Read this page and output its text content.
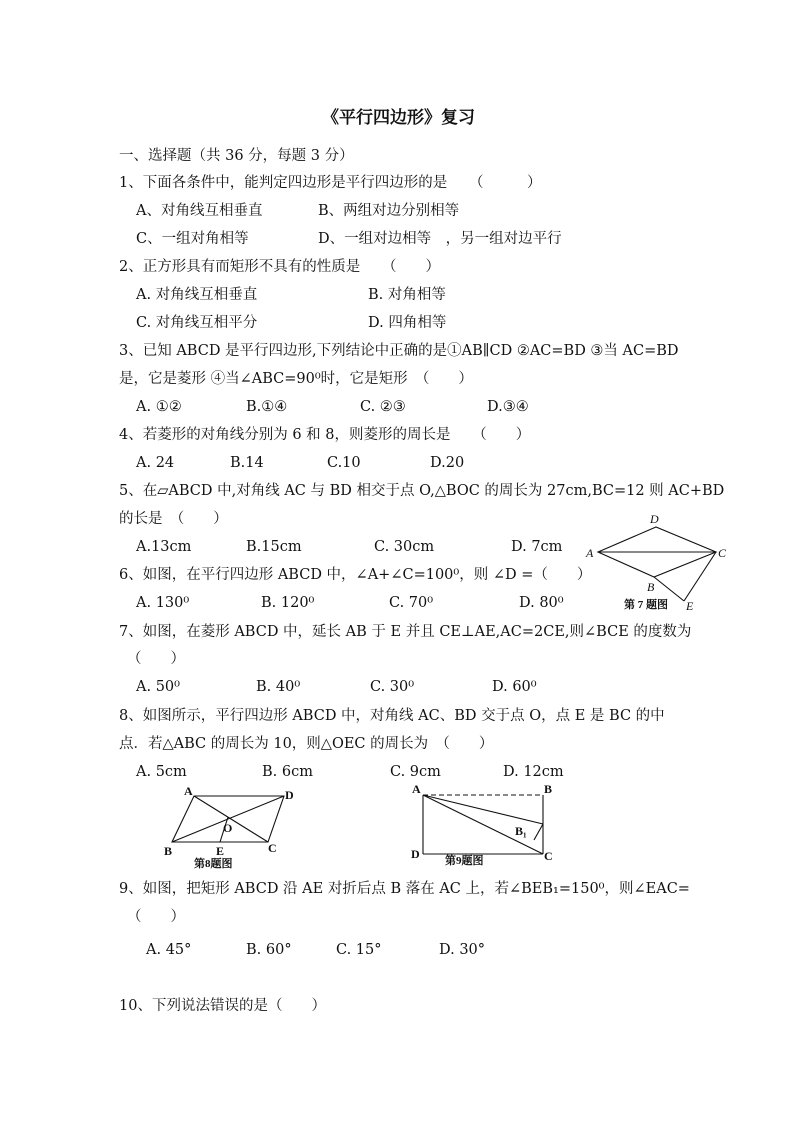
《平行四边形》复习
一、选择题（共 36 分，每题 3 分）
1、下面各条件中，能判定四边形是平行四边形的是　　（　　　）
A、对角线互相垂直	B、两组对边分别相等
C、一组对角相等	D、一组对边相等　，另一组对边平行
2、正方形具有而矩形不具有的性质是　　（　　）
A. 对角线互相垂直	B. 对角相等
C. 对角线互相平分	D. 四角相等
3、已知 ABCD 是平行四边形,下列结论中正确的是①AB∥CD ②AC=BD ③当 AC=BD
是，它是菱形 ④当∠ABC=90⁰时，它是矩形　（　　）
A. ①②	B.①④	C. ②③	D.③④
4、若菱形的对角线分别为 6 和 8，则菱形的周长是　　（　　）
A. 24	B.14	C.10	D.20
5、在▱ABCD 中,对角线 AC 与 BD 相交于点 O,△BOC 的周长为 27cm,BC=12 则 AC+BD
的长是　（　　）
A.13cm	B.15cm	C. 30cm	D. 7cm
6、如图，在平行四边形 ABCD 中，∠A+∠C=100⁰，则 ∠D =（　　）
A. 130⁰	B. 120⁰	C. 70⁰	D. 80⁰
A
D
C
B
E
第 7 题图
7、如图，在菱形 ABCD 中，延长 AB 于 E 并且 CE⊥AE,AC=2CE,则∠BCE 的度数为
（　　）
A. 50⁰	B. 40⁰	C. 30⁰	D. 60⁰
8、如图所示，平行四边形 ABCD 中，对角线 AC、BD 交于点 O，点 E 是 BC 的中
点．若△ABC 的周长为 10，则△OEC 的周长为　（　　）
A. 5cm	B. 6cm	C. 9cm	D. 12cm
A	D
B	C
E
O
第8题图
A	B
D	C
B₁
第9题图
9、如图，把矩形 ABCD 沿 AE 对折后点 B 落在 AC 上，若∠BEB₁=150⁰，则∠EAC=
（　　）
A. 45°	B. 60°	C. 15°	D. 30°
10、下列说法错误的是（　　）
